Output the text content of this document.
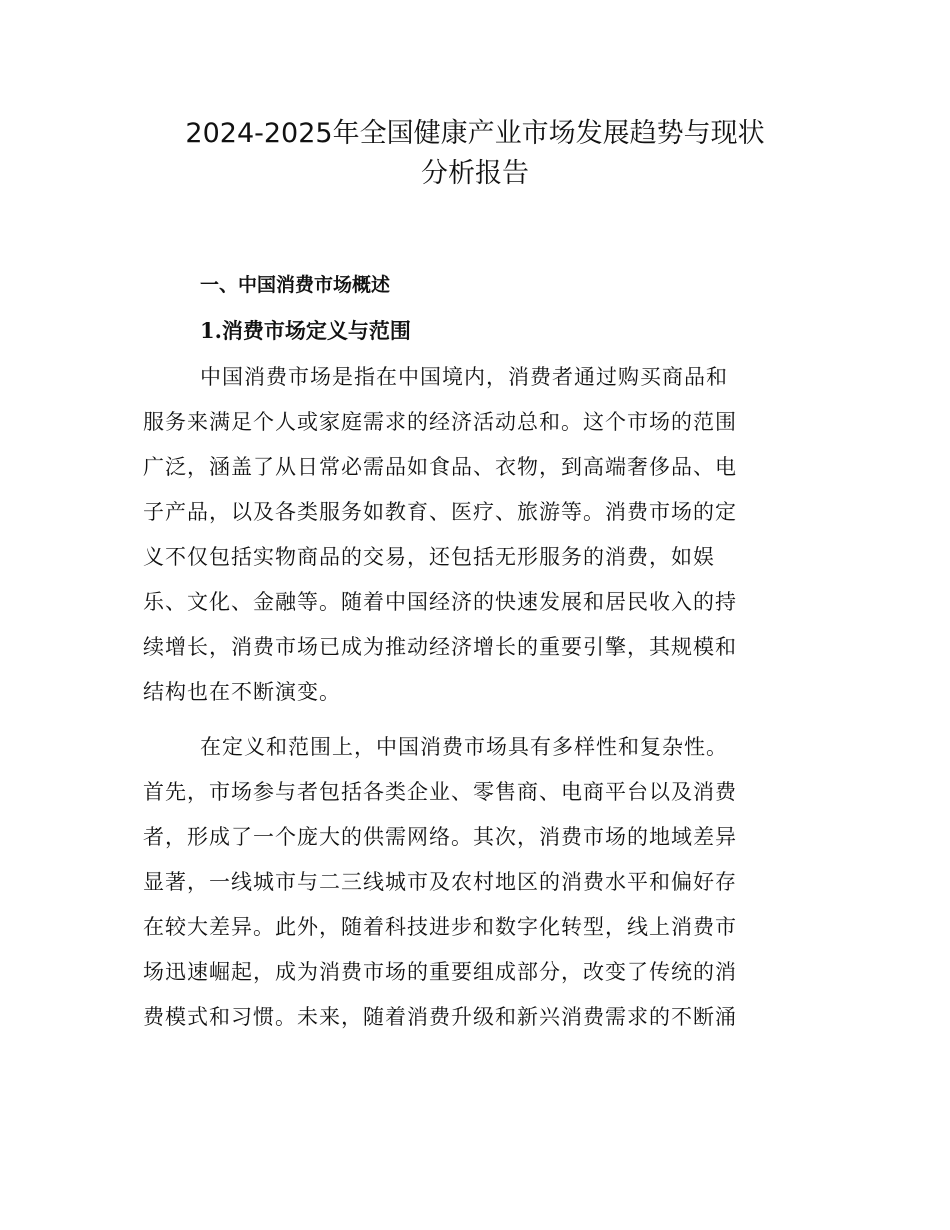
2024-2025年全国健康产业市场发展趋势与现状
分析报告
一、中国消费市场概述
1.消费市场定义与范围

中国消费市场是指在中国境内，消费者通过购买商品和

服务来满足个人或家庭需求的经济活动总和。这个市场的范围

广泛，涵盖了从日常必需品如食品、衣物，到高端奢侈品、电

子产品，以及各类服务如教育、医疗、旅游等。消费市场的定

义不仅包括实物商品的交易，还包括无形服务的消费，如娱

乐、文化、金融等。随着中国经济的快速发展和居民收入的持

续增长，消费市场已成为推动经济增长的重要引擎，其规模和

结构也在不断演变。

在定义和范围上，中国消费市场具有多样性和复杂性。

首先，市场参与者包括各类企业、零售商、电商平台以及消费

者，形成了一个庞大的供需网络。其次，消费市场的地域差异

显著，一线城市与二三线城市及农村地区的消费水平和偏好存

在较大差异。此外，随着科技进步和数字化转型，线上消费市

场迅速崛起，成为消费市场的重要组成部分，改变了传统的消

费模式和习惯。未来，随着消费升级和新兴消费需求的不断涌
